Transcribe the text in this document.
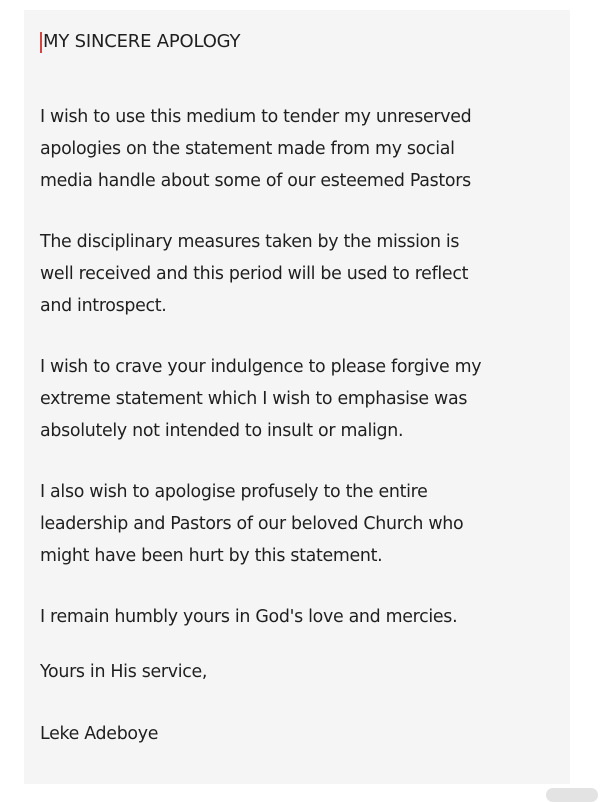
MY SINCERE APOLOGY

I wish to use this medium to tender my unreserved
apologies on the statement made from my social
media handle about some of our esteemed Pastors

The disciplinary measures taken by the mission is
well received and this period will be used to reflect
and introspect.

I wish to crave your indulgence to please forgive my
extreme statement which I wish to emphasise was
absolutely not intended to insult or malign.

I also wish to apologise profusely to the entire
leadership and Pastors of our beloved Church who
might have been hurt by this statement.

I remain humbly yours in God's love and mercies.

Yours in His service,

Leke Adeboye
